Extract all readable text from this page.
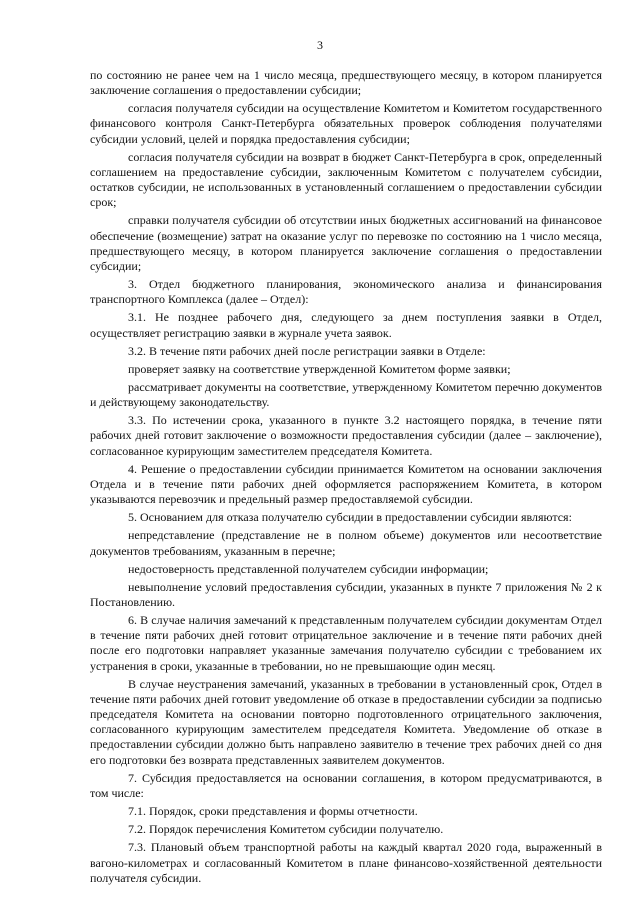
3

по состоянию не ранее чем на 1 число месяца, предшествующего месяцу, в котором планируется заключение соглашения о предоставлении субсидии;

согласия получателя субсидии на осуществление Комитетом и Комитетом государственного финансового контроля Санкт-Петербурга обязательных проверок соблюдения получателями субсидии условий, целей и порядка предоставления субсидии;

согласия получателя субсидии на возврат в бюджет Санкт-Петербурга в срок, определенный соглашением на предоставление субсидии, заключенным Комитетом с получателем субсидии, остатков субсидии, не использованных в установленный соглашением о предоставлении субсидии срок;

справки получателя субсидии об отсутствии иных бюджетных ассигнований на финансовое обеспечение (возмещение) затрат на оказание услуг по перевозке по состоянию на 1 число месяца, предшествующего месяцу, в котором планируется заключение соглашения о предоставлении субсидии;

3. Отдел бюджетного планирования, экономического анализа и финансирования транспортного Комплекса (далее – Отдел):

3.1. Не позднее рабочего дня, следующего за днем поступления заявки в Отдел, осуществляет регистрацию заявки в журнале учета заявок.

3.2. В течение пяти рабочих дней после регистрации заявки в Отделе:

проверяет заявку на соответствие утвержденной Комитетом форме заявки;

рассматривает документы на соответствие, утвержденному Комитетом перечню документов и действующему законодательству.

3.3. По истечении срока, указанного в пункте 3.2 настоящего порядка, в течение пяти рабочих дней готовит заключение о возможности предоставления субсидии (далее – заключение), согласованное курирующим заместителем председателя Комитета.

4. Решение о предоставлении субсидии принимается Комитетом на основании заключения Отдела и в течение пяти рабочих дней оформляется распоряжением Комитета, в котором указываются перевозчик и предельный размер предоставляемой субсидии.

5. Основанием для отказа получателю субсидии в предоставлении субсидии являются:

непредставление (представление не в полном объеме) документов или несоответствие документов требованиям, указанным в перечне;

недостоверность представленной получателем субсидии информации;

невыполнение условий предоставления субсидии, указанных в пункте 7 приложения № 2 к Постановлению.

6. В случае наличия замечаний к представленным получателем субсидии документам Отдел в течение пяти рабочих дней готовит отрицательное заключение и в течение пяти рабочих дней после его подготовки направляет указанные замечания получателю субсидии с требованием их устранения в сроки, указанные в требовании, но не превышающие один месяц.

В случае неустранения замечаний, указанных в требовании в установленный срок, Отдел в течение пяти рабочих дней готовит уведомление об отказе в предоставлении субсидии за подписью председателя Комитета на основании повторно подготовленного отрицательного заключения, согласованного курирующим заместителем председателя Комитета. Уведомление об отказе в предоставлении субсидии должно быть направлено заявителю в течение трех рабочих дней со дня его подготовки без возврата представленных заявителем документов.

7. Субсидия предоставляется на основании соглашения, в котором предусматриваются, в том числе:

7.1. Порядок, сроки представления и формы отчетности.

7.2. Порядок перечисления Комитетом субсидии получателю.

7.3. Плановый объем транспортной работы на каждый квартал 2020 года, выраженный в вагоно-километрах и согласованный Комитетом в плане финансово-хозяйственной деятельности получателя субсидии.
